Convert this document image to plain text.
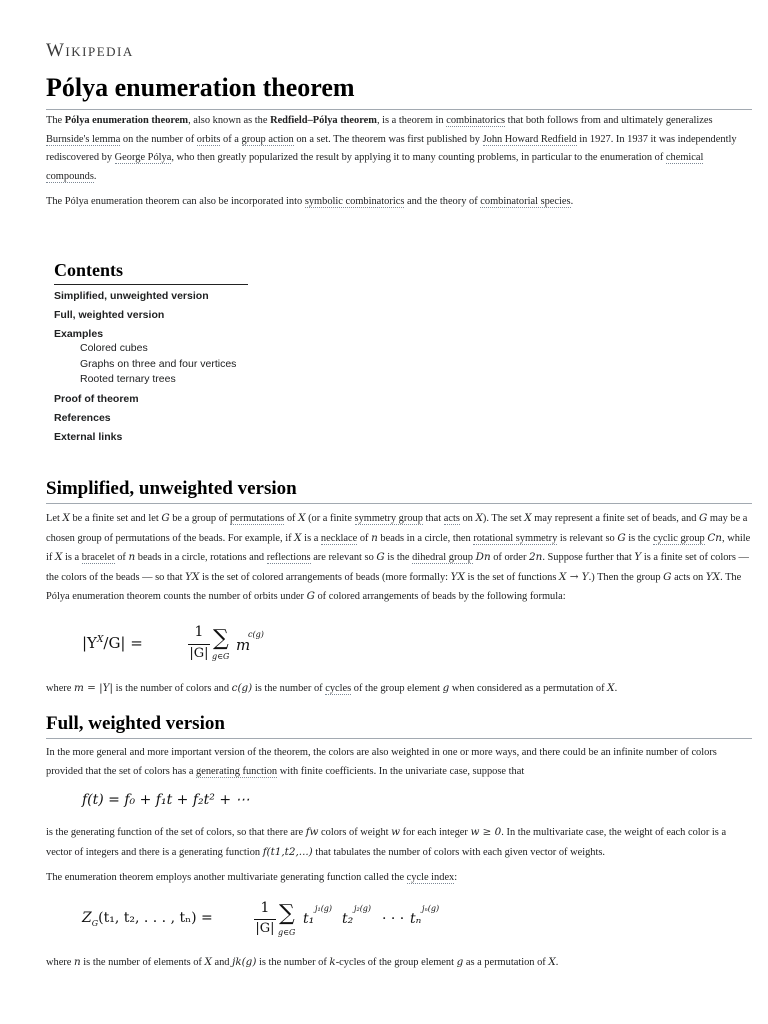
Wikipedia
Pólya enumeration theorem

The Pólya enumeration theorem, also known as the Redfield–Pólya theorem, is a theorem in combinatorics that both follows from and ultimately generalizes Burnside's lemma on the number of orbits of a group action on a set. The theorem was first published by John Howard Redfield in 1927. In 1937 it was independently rediscovered by George Pólya, who then greatly popularized the result by applying it to many counting problems, in particular to the enumeration of chemical compounds.

The Pólya enumeration theorem can also be incorporated into symbolic combinatorics and the theory of combinatorial species.

Contents
Simplified, unweighted version
Full, weighted version
Examples
Colored cubes
Graphs on three and four vertices
Rooted ternary trees
Proof of theorem
References
External links
Simplified, unweighted version

Let X be a finite set and let G be a group of permutations of X (or a finite symmetry group that acts on X). The set X may represent a finite set of beads, and G may be a chosen group of permutations of the beads. For example, if X is a necklace of n beads in a circle, then rotational symmetry is relevant so G is the cyclic group Cn, while if X is a bracelet of n beads in a circle, rotations and reflections are relevant so G is the dihedral group Dn of order 2n. Suppose further that Y is a finite set of colors — the colors of the beads — so that YX is the set of colored arrangements of beads (more formally: YX is the set of functions X → Y.) Then the group G acts on YX. The Pólya enumeration theorem counts the number of orbits under G of colored arrangements of beads by the following formula:

$|Y^X/G|$ =
1
|G|
∑
g∈G
m
c(g)

where m = |Y| is the number of colors and c(g) is the number of cycles of the group element g when considered as a permutation of X.

Full, weighted version

In the more general and more important version of the theorem, the colors are also weighted in one or more ways, and there could be an infinite number of colors provided that the set of colors has a generating function with finite coefficients. In the univariate case, suppose that

f(t) = f₀ + f₁t + f₂t² + ⋯

is the generating function of the set of colors, so that there are fw colors of weight w for each integer w ≥ 0. In the multivariate case, the weight of each color is a vector of integers and there is a generating function f(t1,t2,...) that tabulates the number of colors with each given vector of weights.

The enumeration theorem employs another multivariate generating function called the cycle index:

$Z_G(t_1$, t₂, . . . , tₙ) =
1
|G|
∑
g∈G
t₁
j₁(g)
t₂
j₂(g)
· · · tₙ
jₙ(g)

where n is the number of elements of X and jk(g) is the number of k-cycles of the group element g as a permutation of X.
